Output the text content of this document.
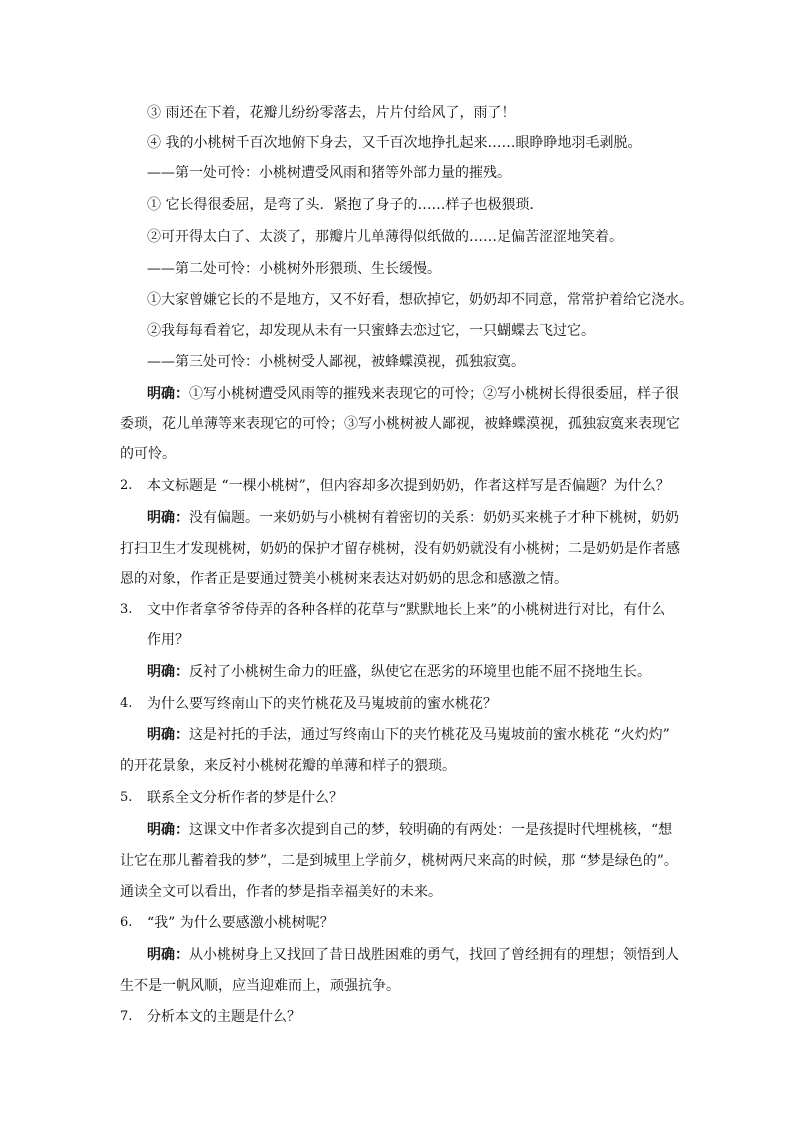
③ 雨还在下着，花瓣儿纷纷零落去，片片付给风了，雨了！
④ 我的小桃树千百次地俯下身去，又千百次地挣扎起来……眼睁睁地羽毛剥脱。
——第一处可怜：小桃树遭受风雨和猪等外部力量的摧残。
① 它长得很委屈，是弯了头．紧抱了身子的……样子也极猥琐．
②可开得太白了、太淡了，那瓣片儿单薄得似纸做的……足偏苦涩涩地笑着。
——第二处可怜：小桃树外形猥琐、生长缓慢。
①大家曾嫌它长的不是地方，又不好看，想砍掉它，奶奶却不同意，常常护着给它浇水。
②我每每看着它，却发现从未有一只蜜蜂去恋过它，一只蝴蝶去飞过它。
——第三处可怜：小桃树受人鄙视，被蜂蝶漠视，孤独寂寞。
明确：①写小桃树遭受风雨等的摧残来表现它的可怜；②写小桃树长得很委屈，样子很
委琐，花儿单薄等来表现它的可怜；③写小桃树被人鄙视，被蜂蝶漠视，孤独寂寞来表现它
的可怜。
2. 本文标题是 “一棵小桃树”，但内容却多次提到奶奶，作者这样写是否偏题？为什么？
明确：没有偏题。一来奶奶与小桃树有着密切的关系：奶奶买来桃子才种下桃树，奶奶
打扫卫生才发现桃树，奶奶的保护才留存桃树，没有奶奶就没有小桃树；二是奶奶是作者感
恩的对象，作者正是要通过赞美小桃树来表达对奶奶的思念和感激之情。
3. 文中作者拿爷爷侍弄的各种各样的花草与“默默地长上来”的小桃树进行对比，有什么
作用？
明确：反衬了小桃树生命力的旺盛，纵使它在恶劣的环境里也能不屈不挠地生长。
4. 为什么要写终南山下的夹竹桃花及马嵬坡前的蜜水桃花？
明确：这是衬托的手法，通过写终南山下的夹竹桃花及马嵬坡前的蜜水桃花 “火灼灼”
的开花景象，来反衬小桃树花瓣的单薄和样子的猥琐。
5. 联系全文分析作者的梦是什么？
明确：这课文中作者多次提到自己的梦，较明确的有两处：一是孩提时代埋桃核，“想
让它在那儿蓄着我的梦”，二是到城里上学前夕，桃树两尺来高的时候，那 “梦是绿色的”。
通读全文可以看出，作者的梦是指幸福美好的未来。
6. “我” 为什么要感激小桃树呢？
明确：从小桃树身上又找回了昔日战胜困难的勇气，找回了曾经拥有的理想；领悟到人
生不是一帆风顺，应当迎难而上，顽强抗争。
7. 分析本文的主题是什么？
